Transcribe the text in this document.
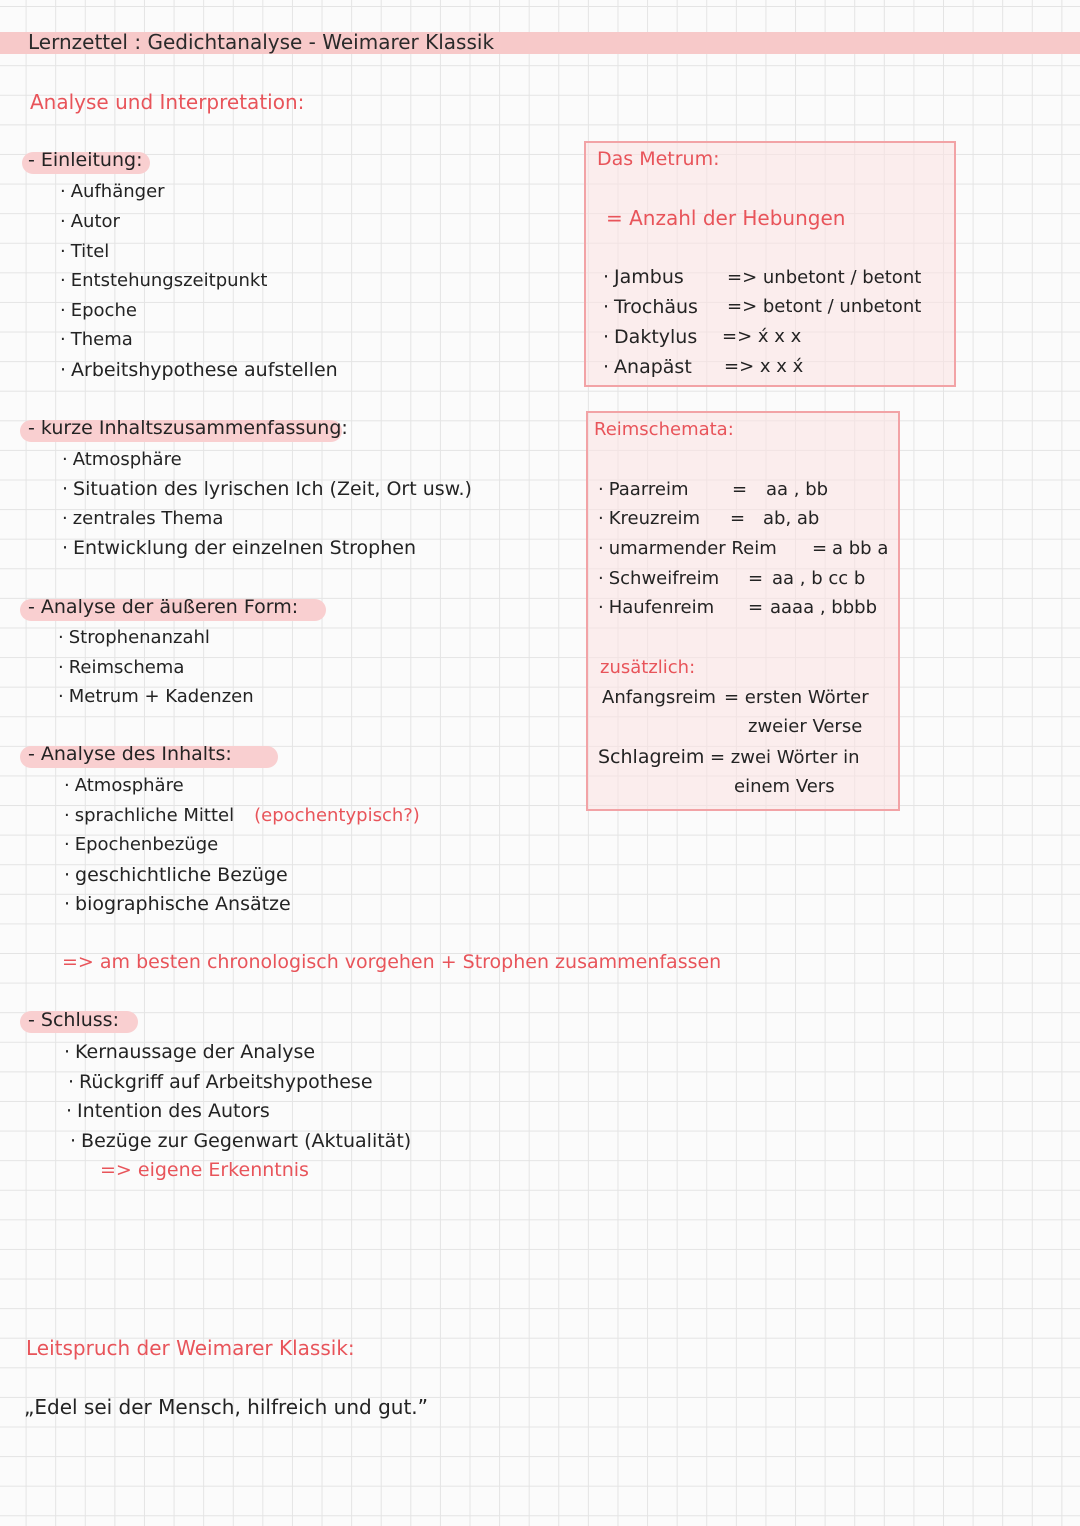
Lernzettel : Gedichtanalyse - Weimarer Klassik
Analyse und Interpretation:
- Einleitung:
· Aufhänger
· Autor
· Titel
· Entstehungszeitpunkt
· Epoche
· Thema
· Arbeitshypothese aufstellen
- kurze Inhaltszusammenfassung:
· Atmosphäre
· Situation des lyrischen Ich (Zeit, Ort usw.)
· zentrales Thema
· Entwicklung der einzelnen Strophen
- Analyse der äußeren Form:
· Strophenanzahl
· Reimschema
· Metrum + Kadenzen
- Analyse des Inhalts:
· Atmosphäre
· sprachliche Mittel (epochentypisch?)
· Epochenbezüge
· geschichtliche Bezüge
· biographische Ansätze
=> am besten chronologisch vorgehen + Strophen zusammenfassen
- Schluss:
· Kernaussage der Analyse
· Rückgriff auf Arbeitshypothese
· Intention des Autors
· Bezüge zur Gegenwart (Aktualität)
=> eigene Erkenntnis
Das Metrum:
= Anzahl der Hebungen
· Jambus => unbetont / betont
· Trochäus => betont / unbetont
· Daktylus => x́ x x
· Anapäst => x x x́
Reimschemata:
· Paarreim = aa , bb
· Kreuzreim = ab, ab
· umarmender Reim = a bb a
· Schweifreim = aa , b cc b
· Haufenreim = aaaa , bbbb
zusätzlich:
Anfangsreim = ersten Wörter
zweier Verse
Schlagreim = zwei Wörter in
einem Vers
Leitspruch der Weimarer Klassik:
„Edel sei der Mensch, hilfreich und gut.”
